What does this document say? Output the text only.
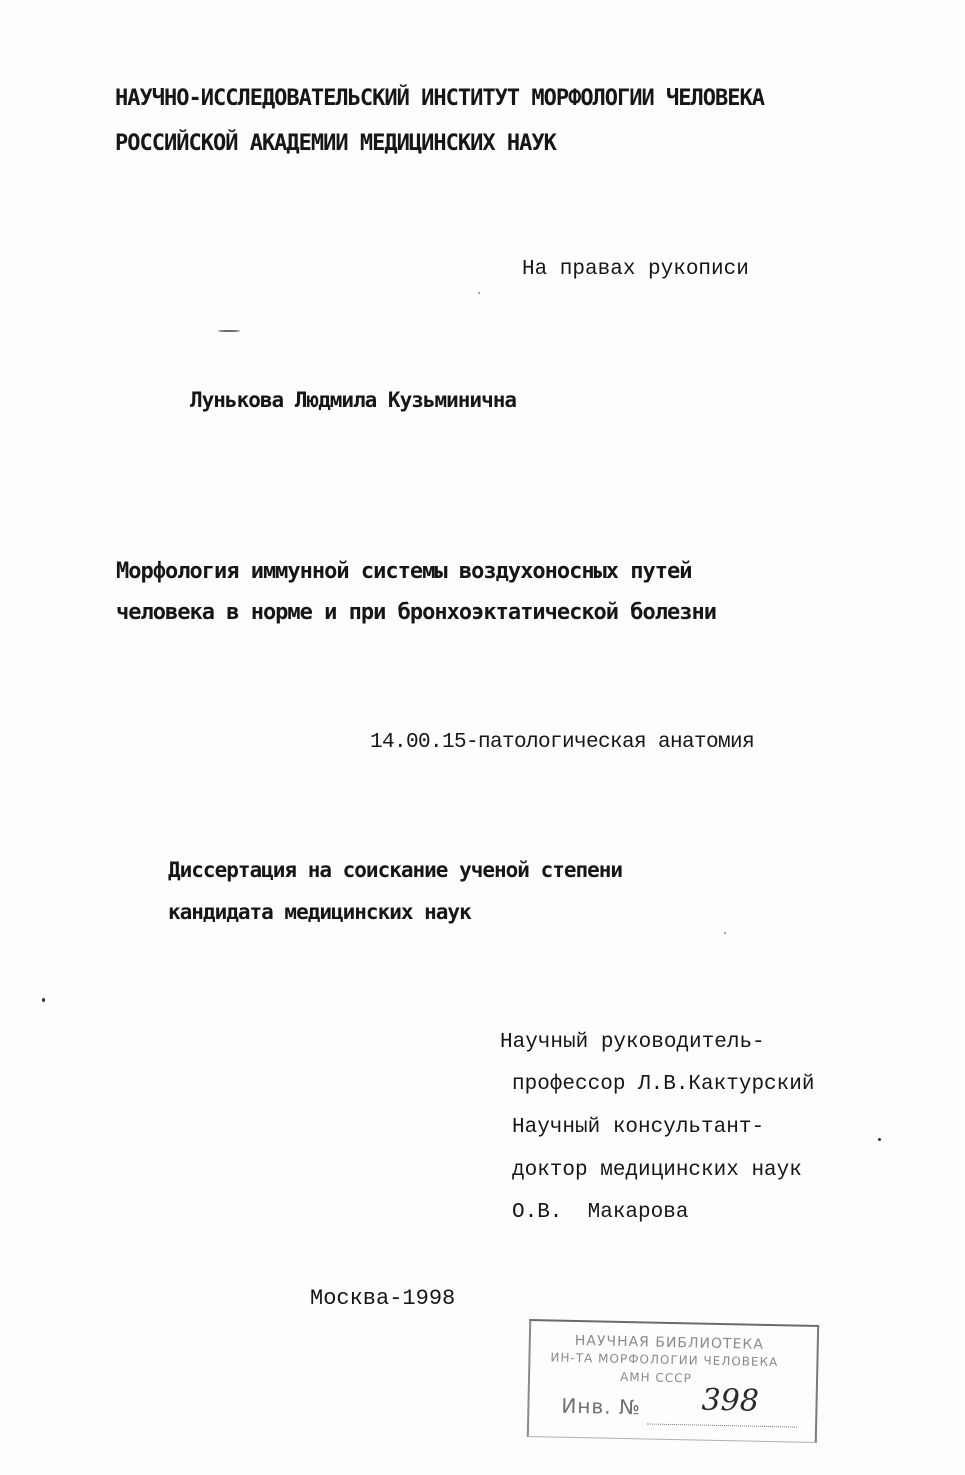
НАУЧНО-ИССЛЕДОВАТЕЛЬСКИЙ ИНСТИТУТ МОРФОЛОГИИ ЧЕЛОВЕКА
РОССИЙСКОЙ АКАДЕМИИ МЕДИЦИНСКИХ НАУК
На правах рукописи
Лунькова Людмила Кузьминична
Морфология иммунной системы воздухоносных путей
человека в норме и при бронхоэктатической болезни
14.00.15-патологическая анатомия
Диссертация на соискание ученой степени
кандидата медицинских наук
Научный руководитель-
профессор Л.В.Кактурский
Научный консультант-
доктор медицинских наук
О.В.  Макарова
Москва-1998
НАУЧНАЯ БИБЛИОТЕКА
ИН-ТА МОРФОЛОГИИ ЧЕЛОВЕКА
АМН СССР
Инв. № 398
